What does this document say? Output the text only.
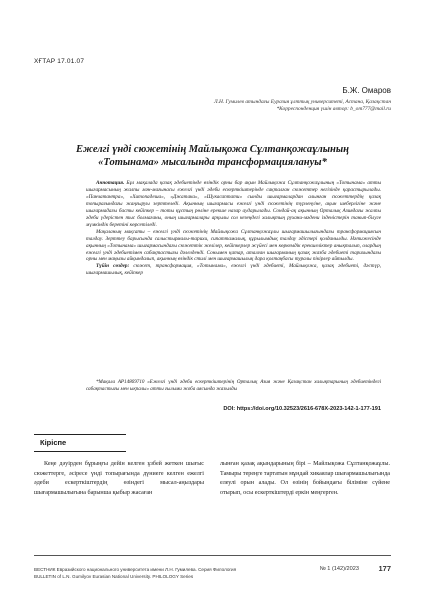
ХҒТАР 17.01.07
Б.Ж. Омаров
Л.Н. Гумилев атындағы Еуразия ұлттық университеті, Астана, Қазақстан
*Корреспонденция үшін автор: b_om777@mail.ru
Ежелгі үнді сюжетінің Майлықожа Сұлтанқожаұлының
«Тотынама» мысалында трансформациялануы*

Аннотация. Бұл мақалада қазақ әдебиетінде өзіндік орны бар ақын Майлықожа Сұлтанқожаұлының «Тотынама» атты шығармасының жалпы мән-мағынасы ежелгі үнді әдеби ескерткіштерінде сақталған сюжеттер негізінде қарастырылады. «Панчатантра», «Хитопадеша», «Джатака», «Шукасаптати» сынды шығармалардан алынған сюжеттердің қазақ топырағындағы жаңғыруы зерттеледі. Ақынның шығармасы ежелгі үнді сюжетінің түрленуіне, ақын шеберлігіне және шығармадағы басты кейіпкер – тоты құстың рөліне ерекше назар аударылады. Сондай-ақ ақынның Орталық Азиядағы жалпы әдеби үдерістен тыс болмағаны, оның шығармалары арқылы сол кезеңдегі халықтың рухани-мәдени ізденістерін танып-білуге мүмкіндік беретіні көрсетіледі.

Мақаланың мақсаты – ежелгі үнді сюжетінің Майлықожа Сұлтанқожаұлы шығармашылығындағы трансформациясын талдау. Зерттеу барысында салыстырмалы-тарихи, сипаттамалық, құрылымдық талдау әдістері қолданылды. Нәтижесінде ақынның «Тотынама» шығармасындағы сюжеттік желілер, кейіпкерлер жүйесі мен көркемдік ерекшеліктер анықталып, олардың ежелгі үнді әдебиетімен сабақтастығы дәлелденді. Сонымен қатар, аталған шығарманың қазақ жазба әдебиеті тарихындағы орны мен маңызы айқындалып, ақынның өзіндік стилі мен шығармашылық дара қолтаңбасы туралы пікірлер айтылды.

Түйін сөздер: сюжет, трансформация, «Тотынама», ежелгі үнді әдебиеті, Майлықожа, қазақ әдебиеті, дәстүр, шығармашылық, кейіпкер

*Мақала АР14869710 «Ежелгі үнді әдеби ескерткіштерінің Орталық Азия және Қазақстан халықтарының әдебиетіндегі сабақтастығы мен ықпалы» атты ғылыми жоба аясында жазылды
DOI: https://doi.org/10.32523/2616-678X-2023-142-1-177-191
Кіріспе

Кеңе дәуірден бұрыңғы дейін келген ұзбей жеткен шығыс сюжеттерге, әсіресе үнді топырағында дүниеге келген ежелгі әдеби ескерткіштердің өзіндегі мысал-аңыздары шығармашылығына барынша қыбыр жасаған

лынған қазақ ақындарының бірі – Майлықожа Сұлтанқожаұлы. Тамыры тереңге тартатын мұндай хикаялар шығармашылығында елеулі орын алады. Ол өзінің бойындағы біліміне сүйене отырып, осы ескерткіштерді еркін меңгерген.

ВЕСТНИК Евразийского национального университета имени Л.Н. Гумилева. Серия Филология
BULLETIN of L.N. Gumilyov Eurasian National University. PHILOLOGY Series
№ 1 (142)/2023	177
